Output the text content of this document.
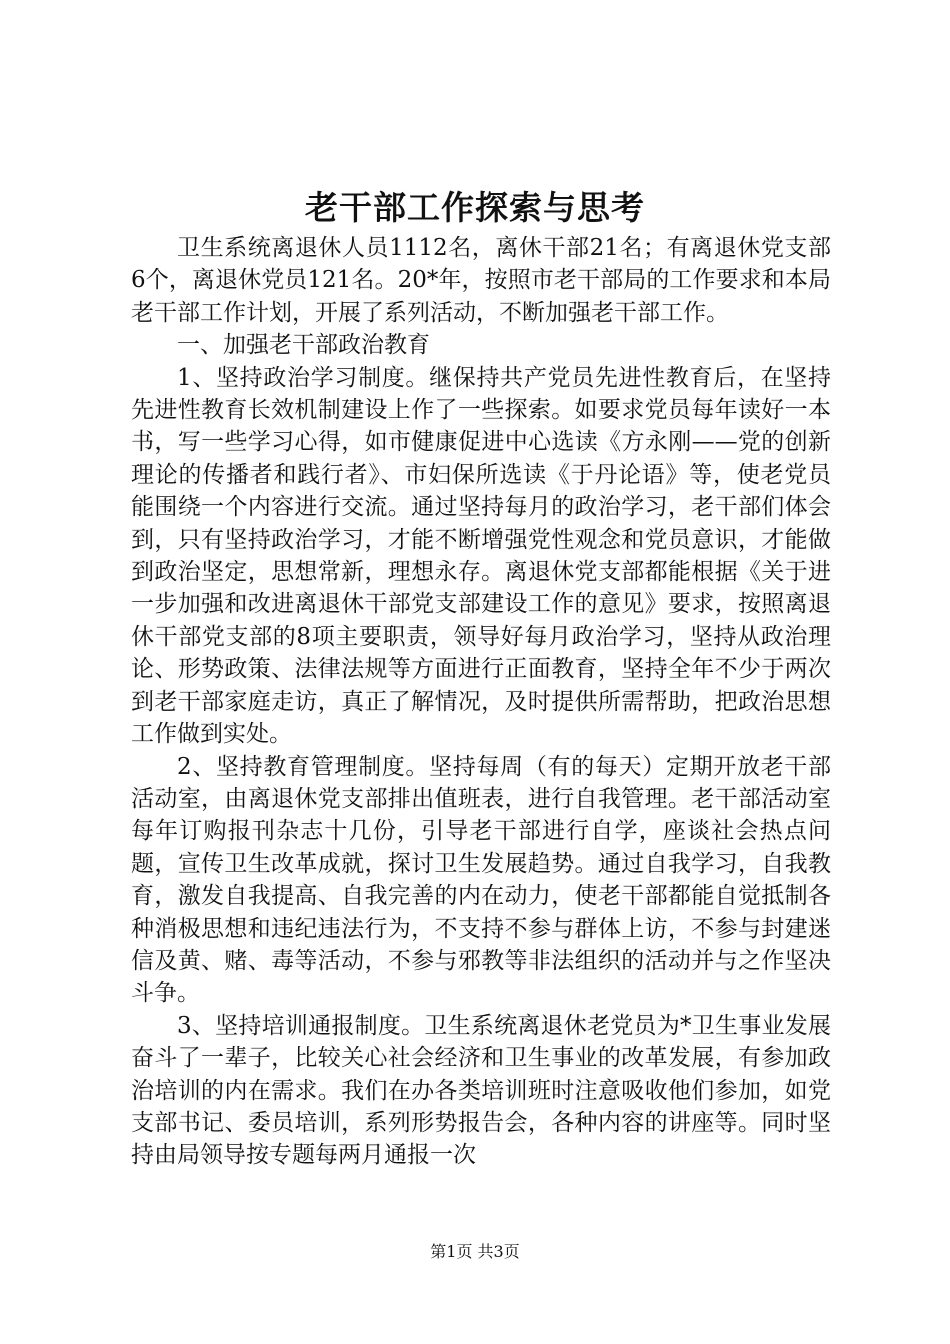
老干部工作探索与思考

卫生系统离退休人员1112名，离休干部21名；有离退休党支部6个，离退休党员121名。20*年，按照市老干部局的工作要求和本局老干部工作计划，开展了系列活动，不断加强老干部工作。

一、加强老干部政治教育

1、坚持政治学习制度。继保持共产党员先进性教育后，在坚持先进性教育长效机制建设上作了一些探索。如要求党员每年读好一本书，写一些学习心得，如市健康促进中心选读《方永刚——党的创新理论的传播者和践行者》、市妇保所选读《于丹论语》等，使老党员能围绕一个内容进行交流。通过坚持每月的政治学习，老干部们体会到，只有坚持政治学习，才能不断增强党性观念和党员意识，才能做到政治坚定，思想常新，理想永存。离退休党支部都能根据《关于进一步加强和改进离退休干部党支部建设工作的意见》要求，按照离退休干部党支部的8项主要职责，领导好每月政治学习，坚持从政治理论、形势政策、法律法规等方面进行正面教育，坚持全年不少于两次到老干部家庭走访，真正了解情况，及时提供所需帮助，把政治思想工作做到实处。

2、坚持教育管理制度。坚持每周（有的每天）定期开放老干部活动室，由离退休党支部排出值班表，进行自我管理。老干部活动室每年订购报刊杂志十几份，引导老干部进行自学，座谈社会热点问题，宣传卫生改革成就，探讨卫生发展趋势。通过自我学习，自我教育，激发自我提高、自我完善的内在动力，使老干部都能自觉抵制各种消极思想和违纪违法行为，不支持不参与群体上访，不参与封建迷信及黄、赌、毒等活动，不参与邪教等非法组织的活动并与之作坚决斗争。

3、坚持培训通报制度。卫生系统离退休老党员为*卫生事业发展奋斗了一辈子，比较关心社会经济和卫生事业的改革发展，有参加政治培训的内在需求。我们在办各类培训班时注意吸收他们参加，如党支部书记、委员培训，系列形势报告会，各种内容的讲座等。同时坚持由局领导按专题每两月通报一次

第1页 共3页
